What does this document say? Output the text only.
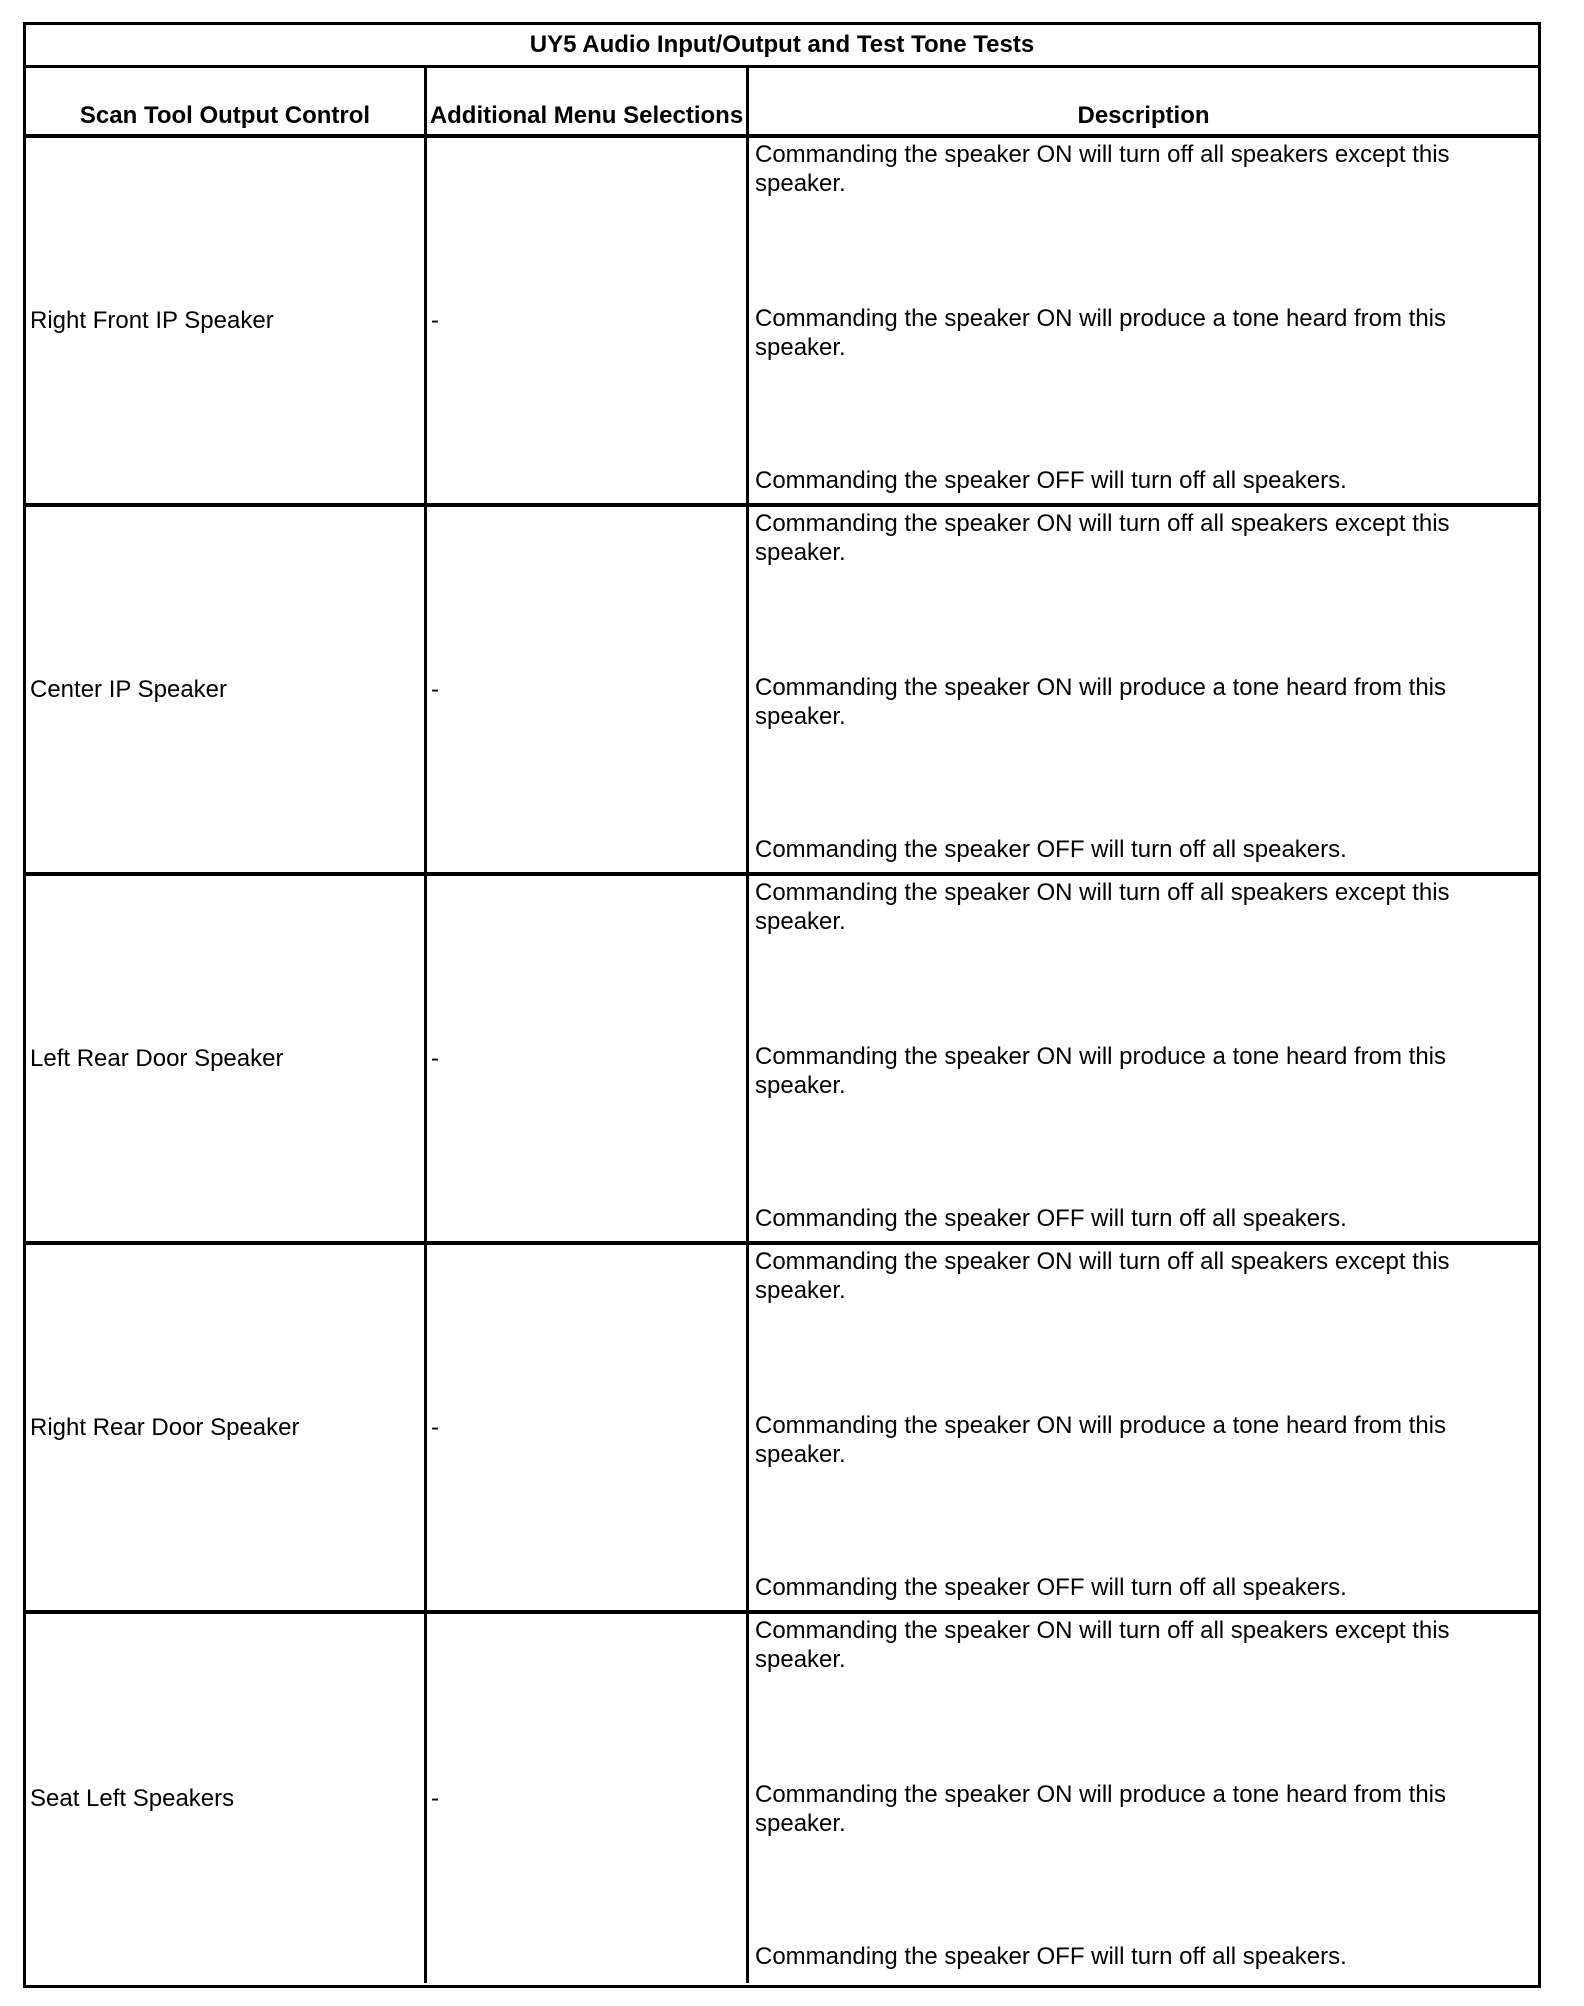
UY5 Audio Input/Output and Test Tone Tests
Scan Tool Output Control	Additional Menu Selections	Description
Right Front IP Speaker	-
Commanding the speaker ON will turn off all speakers except this speaker.
Commanding the speaker ON will produce a tone heard from this speaker.
Commanding the speaker OFF will turn off all speakers.
Center IP Speaker	-
Commanding the speaker ON will turn off all speakers except this speaker.
Commanding the speaker ON will produce a tone heard from this speaker.
Commanding the speaker OFF will turn off all speakers.
Left Rear Door Speaker	-
Commanding the speaker ON will turn off all speakers except this speaker.
Commanding the speaker ON will produce a tone heard from this speaker.
Commanding the speaker OFF will turn off all speakers.
Right Rear Door Speaker	-
Commanding the speaker ON will turn off all speakers except this speaker.
Commanding the speaker ON will produce a tone heard from this speaker.
Commanding the speaker OFF will turn off all speakers.
Seat Left Speakers	-
Commanding the speaker ON will turn off all speakers except this speaker.
Commanding the speaker ON will produce a tone heard from this speaker.
Commanding the speaker OFF will turn off all speakers.
